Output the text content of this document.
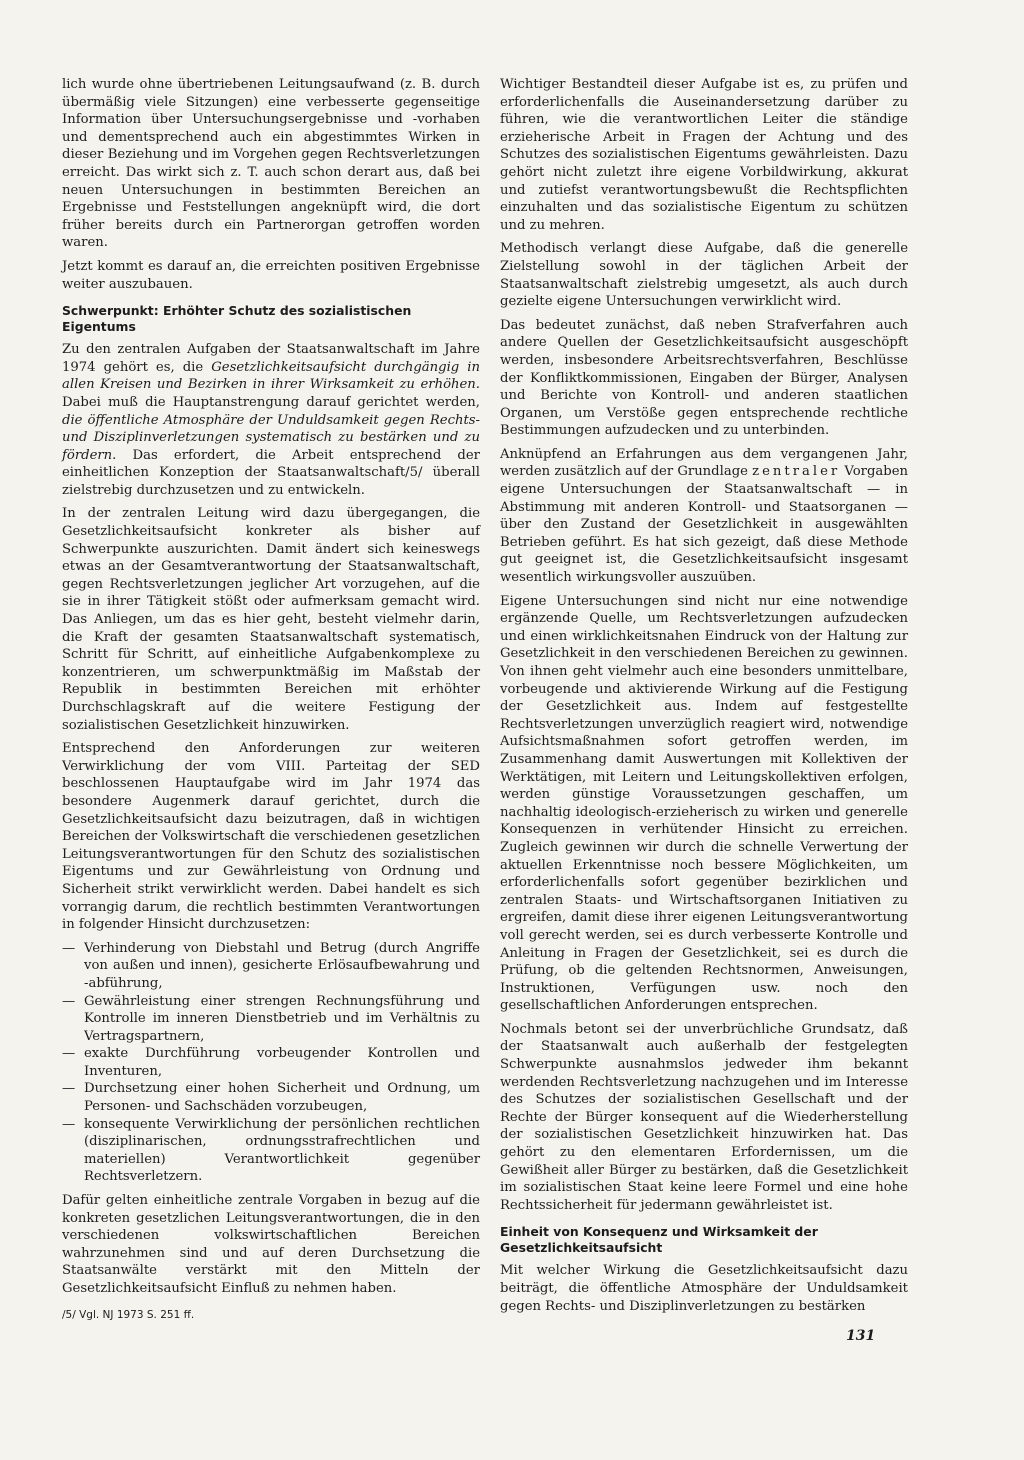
lich wurde ohne übertriebenen Leitungsaufwand (z. B. durch übermäßig viele Sitzungen) eine verbesserte gegenseitige Information über Untersuchungsergebnisse und -vorhaben und dementsprechend auch ein abgestimmtes Wirken in dieser Beziehung und im Vorgehen gegen Rechtsverletzungen erreicht. Das wirkt sich z. T. auch schon derart aus, daß bei neuen Untersuchungen in bestimmten Bereichen an Ergebnisse und Feststellungen angeknüpft wird, die dort früher bereits durch ein Partnerorgan getroffen worden waren.

Jetzt kommt es darauf an, die erreichten positiven Ergebnisse weiter auszubauen.

Schwerpunkt: Erhöhter Schutz des sozialistischen Eigentums

Zu den zentralen Aufgaben der Staatsanwaltschaft im Jahre 1974 gehört es, die Gesetzlichkeitsaufsicht durchgängig in allen Kreisen und Bezirken in ihrer Wirksamkeit zu erhöhen. Dabei muß die Hauptanstrengung darauf gerichtet werden, die öffentliche Atmosphäre der Unduldsamkeit gegen Rechts- und Disziplinverletzungen systematisch zu bestärken und zu fördern. Das erfordert, die Arbeit entsprechend der einheitlichen Konzeption der Staatsanwaltschaft/5/ überall zielstrebig durchzusetzen und zu entwickeln.

In der zentralen Leitung wird dazu übergegangen, die Gesetzlichkeitsaufsicht konkreter als bisher auf Schwerpunkte auszurichten. Damit ändert sich keineswegs etwas an der Gesamtverantwortung der Staatsanwaltschaft, gegen Rechtsverletzungen jeglicher Art vorzugehen, auf die sie in ihrer Tätigkeit stößt oder aufmerksam gemacht wird. Das Anliegen, um das es hier geht, besteht vielmehr darin, die Kraft der gesamten Staatsanwaltschaft systematisch, Schritt für Schritt, auf einheitliche Aufgabenkomplexe zu konzentrieren, um schwerpunktmäßig im Maßstab der Republik in bestimmten Bereichen mit erhöhter Durchschlagskraft auf die weitere Festigung der sozialistischen Gesetzlichkeit hinzuwirken.

Entsprechend den Anforderungen zur weiteren Verwirklichung der vom VIII. Parteitag der SED beschlossenen Hauptaufgabe wird im Jahr 1974 das besondere Augenmerk darauf gerichtet, durch die Gesetzlichkeitsaufsicht dazu beizutragen, daß in wichtigen Bereichen der Volkswirtschaft die verschiedenen gesetzlichen Leitungsverantwortungen für den Schutz des sozialistischen Eigentums und zur Gewährleistung von Ordnung und Sicherheit strikt verwirklicht werden. Dabei handelt es sich vorrangig darum, die rechtlich bestimmten Verantwortungen in folgender Hinsicht durchzusetzen:

— Verhinderung von Diebstahl und Betrug (durch Angriffe von außen und innen), gesicherte Erlösaufbewahrung und -abführung,
— Gewährleistung einer strengen Rechnungsführung und Kontrolle im inneren Dienstbetrieb und im Verhältnis zu Vertragspartnern,
— exakte Durchführung vorbeugender Kontrollen und Inventuren,
— Durchsetzung einer hohen Sicherheit und Ordnung, um Personen- und Sachschäden vorzubeugen,
— konsequente Verwirklichung der persönlichen rechtlichen (disziplinarischen, ordnungsstrafrechtlichen und materiellen) Verantwortlichkeit gegenüber Rechtsverletzern.

Dafür gelten einheitliche zentrale Vorgaben in bezug auf die konkreten gesetzlichen Leitungsverantwortungen, die in den verschiedenen volkswirtschaftlichen Bereichen wahrzunehmen sind und auf deren Durchsetzung die Staatsanwälte verstärkt mit den Mitteln der Gesetzlichkeitsaufsicht Einfluß zu nehmen haben.

/5/ Vgl. NJ 1973 S. 251 ff.

Wichtiger Bestandteil dieser Aufgabe ist es, zu prüfen und erforderlichenfalls die Auseinandersetzung darüber zu führen, wie die verantwortlichen Leiter die ständige erzieherische Arbeit in Fragen der Achtung und des Schutzes des sozialistischen Eigentums gewährleisten. Dazu gehört nicht zuletzt ihre eigene Vorbildwirkung, akkurat und zutiefst verantwortungsbewußt die Rechtspflichten einzuhalten und das sozialistische Eigentum zu schützen und zu mehren.

Methodisch verlangt diese Aufgabe, daß die generelle Zielstellung sowohl in der täglichen Arbeit der Staatsanwaltschaft zielstrebig umgesetzt, als auch durch gezielte eigene Untersuchungen verwirklicht wird.

Das bedeutet zunächst, daß neben Strafverfahren auch andere Quellen der Gesetzlichkeitsaufsicht ausgeschöpft werden, insbesondere Arbeitsrechtsverfahren, Beschlüsse der Konfliktkommissionen, Eingaben der Bürger, Analysen und Berichte von Kontroll- und anderen staatlichen Organen, um Verstöße gegen entsprechende rechtliche Bestimmungen aufzudecken und zu unterbinden.

Anknüpfend an Erfahrungen aus dem vergangenen Jahr, werden zusätzlich auf der Grundlage zentraler Vorgaben eigene Untersuchungen der Staatsanwaltschaft — in Abstimmung mit anderen Kontroll- und Staatsorganen — über den Zustand der Gesetzlichkeit in ausgewählten Betrieben geführt. Es hat sich gezeigt, daß diese Methode gut geeignet ist, die Gesetzlichkeitsaufsicht insgesamt wesentlich wirkungsvoller auszuüben.

Eigene Untersuchungen sind nicht nur eine notwendige ergänzende Quelle, um Rechtsverletzungen aufzudecken und einen wirklichkeitsnahen Eindruck von der Haltung zur Gesetzlichkeit in den verschiedenen Bereichen zu gewinnen. Von ihnen geht vielmehr auch eine besonders unmittelbare, vorbeugende und aktivierende Wirkung auf die Festigung der Gesetzlichkeit aus. Indem auf festgestellte Rechtsverletzungen unverzüglich reagiert wird, notwendige Aufsichtsmaßnahmen sofort getroffen werden, im Zusammenhang damit Auswertungen mit Kollektiven der Werktätigen, mit Leitern und Leitungskollektiven erfolgen, werden günstige Voraussetzungen geschaffen, um nachhaltig ideologisch-erzieherisch zu wirken und generelle Konsequenzen in verhütender Hinsicht zu erreichen. Zugleich gewinnen wir durch die schnelle Verwertung der aktuellen Erkenntnisse noch bessere Möglichkeiten, um erforderlichenfalls sofort gegenüber bezirklichen und zentralen Staats- und Wirtschaftsorganen Initiativen zu ergreifen, damit diese ihrer eigenen Leitungsverantwortung voll gerecht werden, sei es durch verbesserte Kontrolle und Anleitung in Fragen der Gesetzlichkeit, sei es durch die Prüfung, ob die geltenden Rechtsnormen, Anweisungen, Instruktionen, Verfügungen usw. noch den gesellschaftlichen Anforderungen entsprechen.

Nochmals betont sei der unverbrüchliche Grundsatz, daß der Staatsanwalt auch außerhalb der festgelegten Schwerpunkte ausnahmslos jedweder ihm bekannt werdenden Rechtsverletzung nachzugehen und im Interesse des Schutzes der sozialistischen Gesellschaft und der Rechte der Bürger konsequent auf die Wiederherstellung der sozialistischen Gesetzlichkeit hinzuwirken hat. Das gehört zu den elementaren Erfordernissen, um die Gewißheit aller Bürger zu bestärken, daß die Gesetzlichkeit im sozialistischen Staat keine leere Formel und eine hohe Rechtssicherheit für jedermann gewährleistet ist.

Einheit von Konsequenz und Wirksamkeit der Gesetzlichkeitsaufsicht

Mit welcher Wirkung die Gesetzlichkeitsaufsicht dazu beiträgt, die öffentliche Atmosphäre der Unduldsamkeit gegen Rechts- und Disziplinverletzungen zu bestärken

131
